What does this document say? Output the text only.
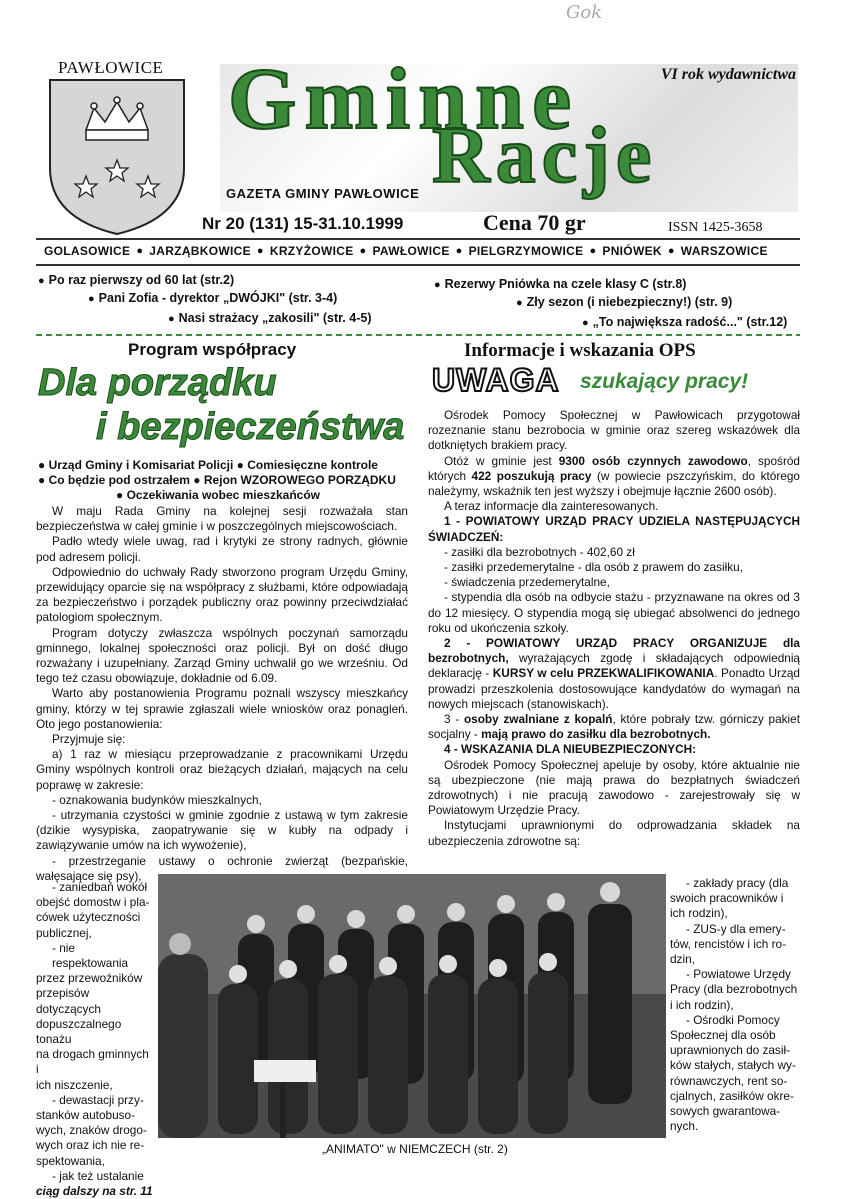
Gok
PAWŁOWICE Gminne
Racje
VI rok wydawnictwa
GAZETA GMINY PAWŁOWICE
Nr 20 (131) 15-31.10.1999	Cena 70 gr	ISSN 1425-3658
GOLASOWICE ● JARZĄBKOWICE ● KRZYŻOWICE ● PAWŁOWICE ● PIELGRZYMOWICE ● PNIÓWEK ● WARSZOWICE
● Po raz pierwszy od 60 lat (str.2)
● Pani Zofia - dyrektor „DWÓJKI" (str. 3-4)
● Nasi strażacy „zakosili" (str. 4-5)
● Rezerwy Pniówka na czele klasy C (str.8)
● Zły sezon (i niebezpieczny!) (str. 9)
● „To największa radość..." (str.12)
Program współpracy
Dla porządku
i bezpieczeństwa
● Urząd Gminy i Komisariat Policji ● Comiesięczne kontrole
● Co będzie pod ostrzałem ● Rejon WZOROWEGO PORZĄDKU
● Oczekiwania wobec mieszkańców

W maju Rada Gminy na kolejnej sesji rozważała stan bezpieczeństwa w całej gminie i w poszczególnych miejscowościach.

Padło wtedy wiele uwag, rad i krytyki ze strony radnych, głównie pod adresem policji.

Odpowiednio do uchwały Rady stworzono program Urzędu Gminy, przewidujący oparcie się na współpracy z służbami, które odpowiadają za bezpieczeństwo i porządek publiczny oraz powinny przeciwdziałać patologiom społecznym.

Program dotyczy zwłaszcza wspólnych poczynań samorządu gminnego, lokalnej społeczności oraz policji. Był on dość długo rozważany i uzupełniany. Zarząd Gminy uchwalił go we wrześniu. Od tego też czasu obowiązuje, dokładnie od 6.09.

Warto aby postanowienia Programu poznali wszyscy mieszkańcy gminy, którzy w tej sprawie zgłaszali wiele wniosków oraz ponagleń. Oto jego postanowienia:

Przyjmuje się:

a) 1 raz w miesiącu przeprowadzanie z pracownikami Urzędu Gminy wspólnych kontroli oraz bieżących działań, mających na celu poprawę w zakresie:

- oznakowania budynków mieszkalnych,

- utrzymania czystości w gminie zgodnie z ustawą w tym zakresie (dzikie wysypiska, zaopatrywanie się w kubły na odpady i zawiązywanie umów na ich wywożenie),

- przestrzeganie ustawy o ochronie zwierząt (bezpańskie, wałęsające się psy),

- zaniedbań wokół
obejść domostw i pla-
cówek użyteczności
publicznej,
- nie respektowania
przez przewoźników
przepisów dotyczących
dopuszczalnego tonażu
na drogach gminnych i
ich niszczenie,
- dewastacji przy-
stanków autobuso-
wych, znaków drogo-
wych oraz ich nie re-
spektowania,
- jak też ustalanie
ciąg dalszy na str. 11
Informacje i wskazania OPS
UWAGA szukający pracy!

Ośrodek Pomocy Społecznej w Pawłowicach przygotował rozeznanie stanu bezrobocia w gminie oraz szereg wskazówek dla dotkniętych brakiem pracy.

Otóż w gminie jest 9300 osób czynnych zawodowo, spośród których 422 poszukują pracy (w powiecie pszczyńskim, do którego należymy, wskaźnik ten jest wyższy i obejmuje łącznie 2600 osób).

A teraz informacje dla zainteresowanych.

1 - POWIATOWY URZĄD PRACY UDZIELA NASTĘPUJĄCYCH ŚWIADCZEŃ:

- zasiłki dla bezrobotnych - 402,60 zł

- zasiłki przedemerytalne - dla osób z prawem do zasiłku,

- świadczenia przedemerytalne,

- stypendia dla osób na odbycie stażu - przyznawane na okres od 3 do 12 miesięcy. O stypendia mogą się ubiegać absolwenci do jednego roku od ukończenia szkoły.

2 - POWIATOWY URZĄD PRACY ORGANIZUJE dla bezrobotnych, wyrażających zgodę i składających odpowiednią deklarację - KURSY w celu PRZEKWALIFIKOWANIA. Ponadto Urząd prowadzi przeszkolenia dostosowujące kandydatów do wymagań na nowych miejscach (stanowiskach).

3 - osoby zwalniane z kopalń, które pobrały tzw. górniczy pakiet socjalny - mają prawo do zasiłku dla bezrobotnych.

4 - WSKAZANIA DLA NIEUBEZPIECZONYCH:

Ośrodek Pomocy Społecznej apeluje by osoby, które aktualnie nie są ubezpieczone (nie mają prawa do bezpłatnych świadczeń zdrowotnych) i nie pracują zawodowo - zarejestrowały się w Powiatowym Urzędzie Pracy.

Instytucjami uprawnionymi do odprowadzania składek na ubezpieczenia zdrowotne są:

- zakłady pracy (dla
swoich pracowników i
ich rodzin),
- ZUS-y dla emery-
tów, rencistów i ich ro-
dzin,
- Powiatowe Urzędy
Pracy (dla bezrobotnych
i ich rodzin),
- Ośrodki Pomocy
Społecznej dla osób
uprawnionych do zasił-
ków stałych, stałych wy-
równawczych, rent so-
cjalnych, zasiłków okre-
sowych gwarantowa-
nych.
„ANIMATO" w NIEMCZECH (str. 2)
